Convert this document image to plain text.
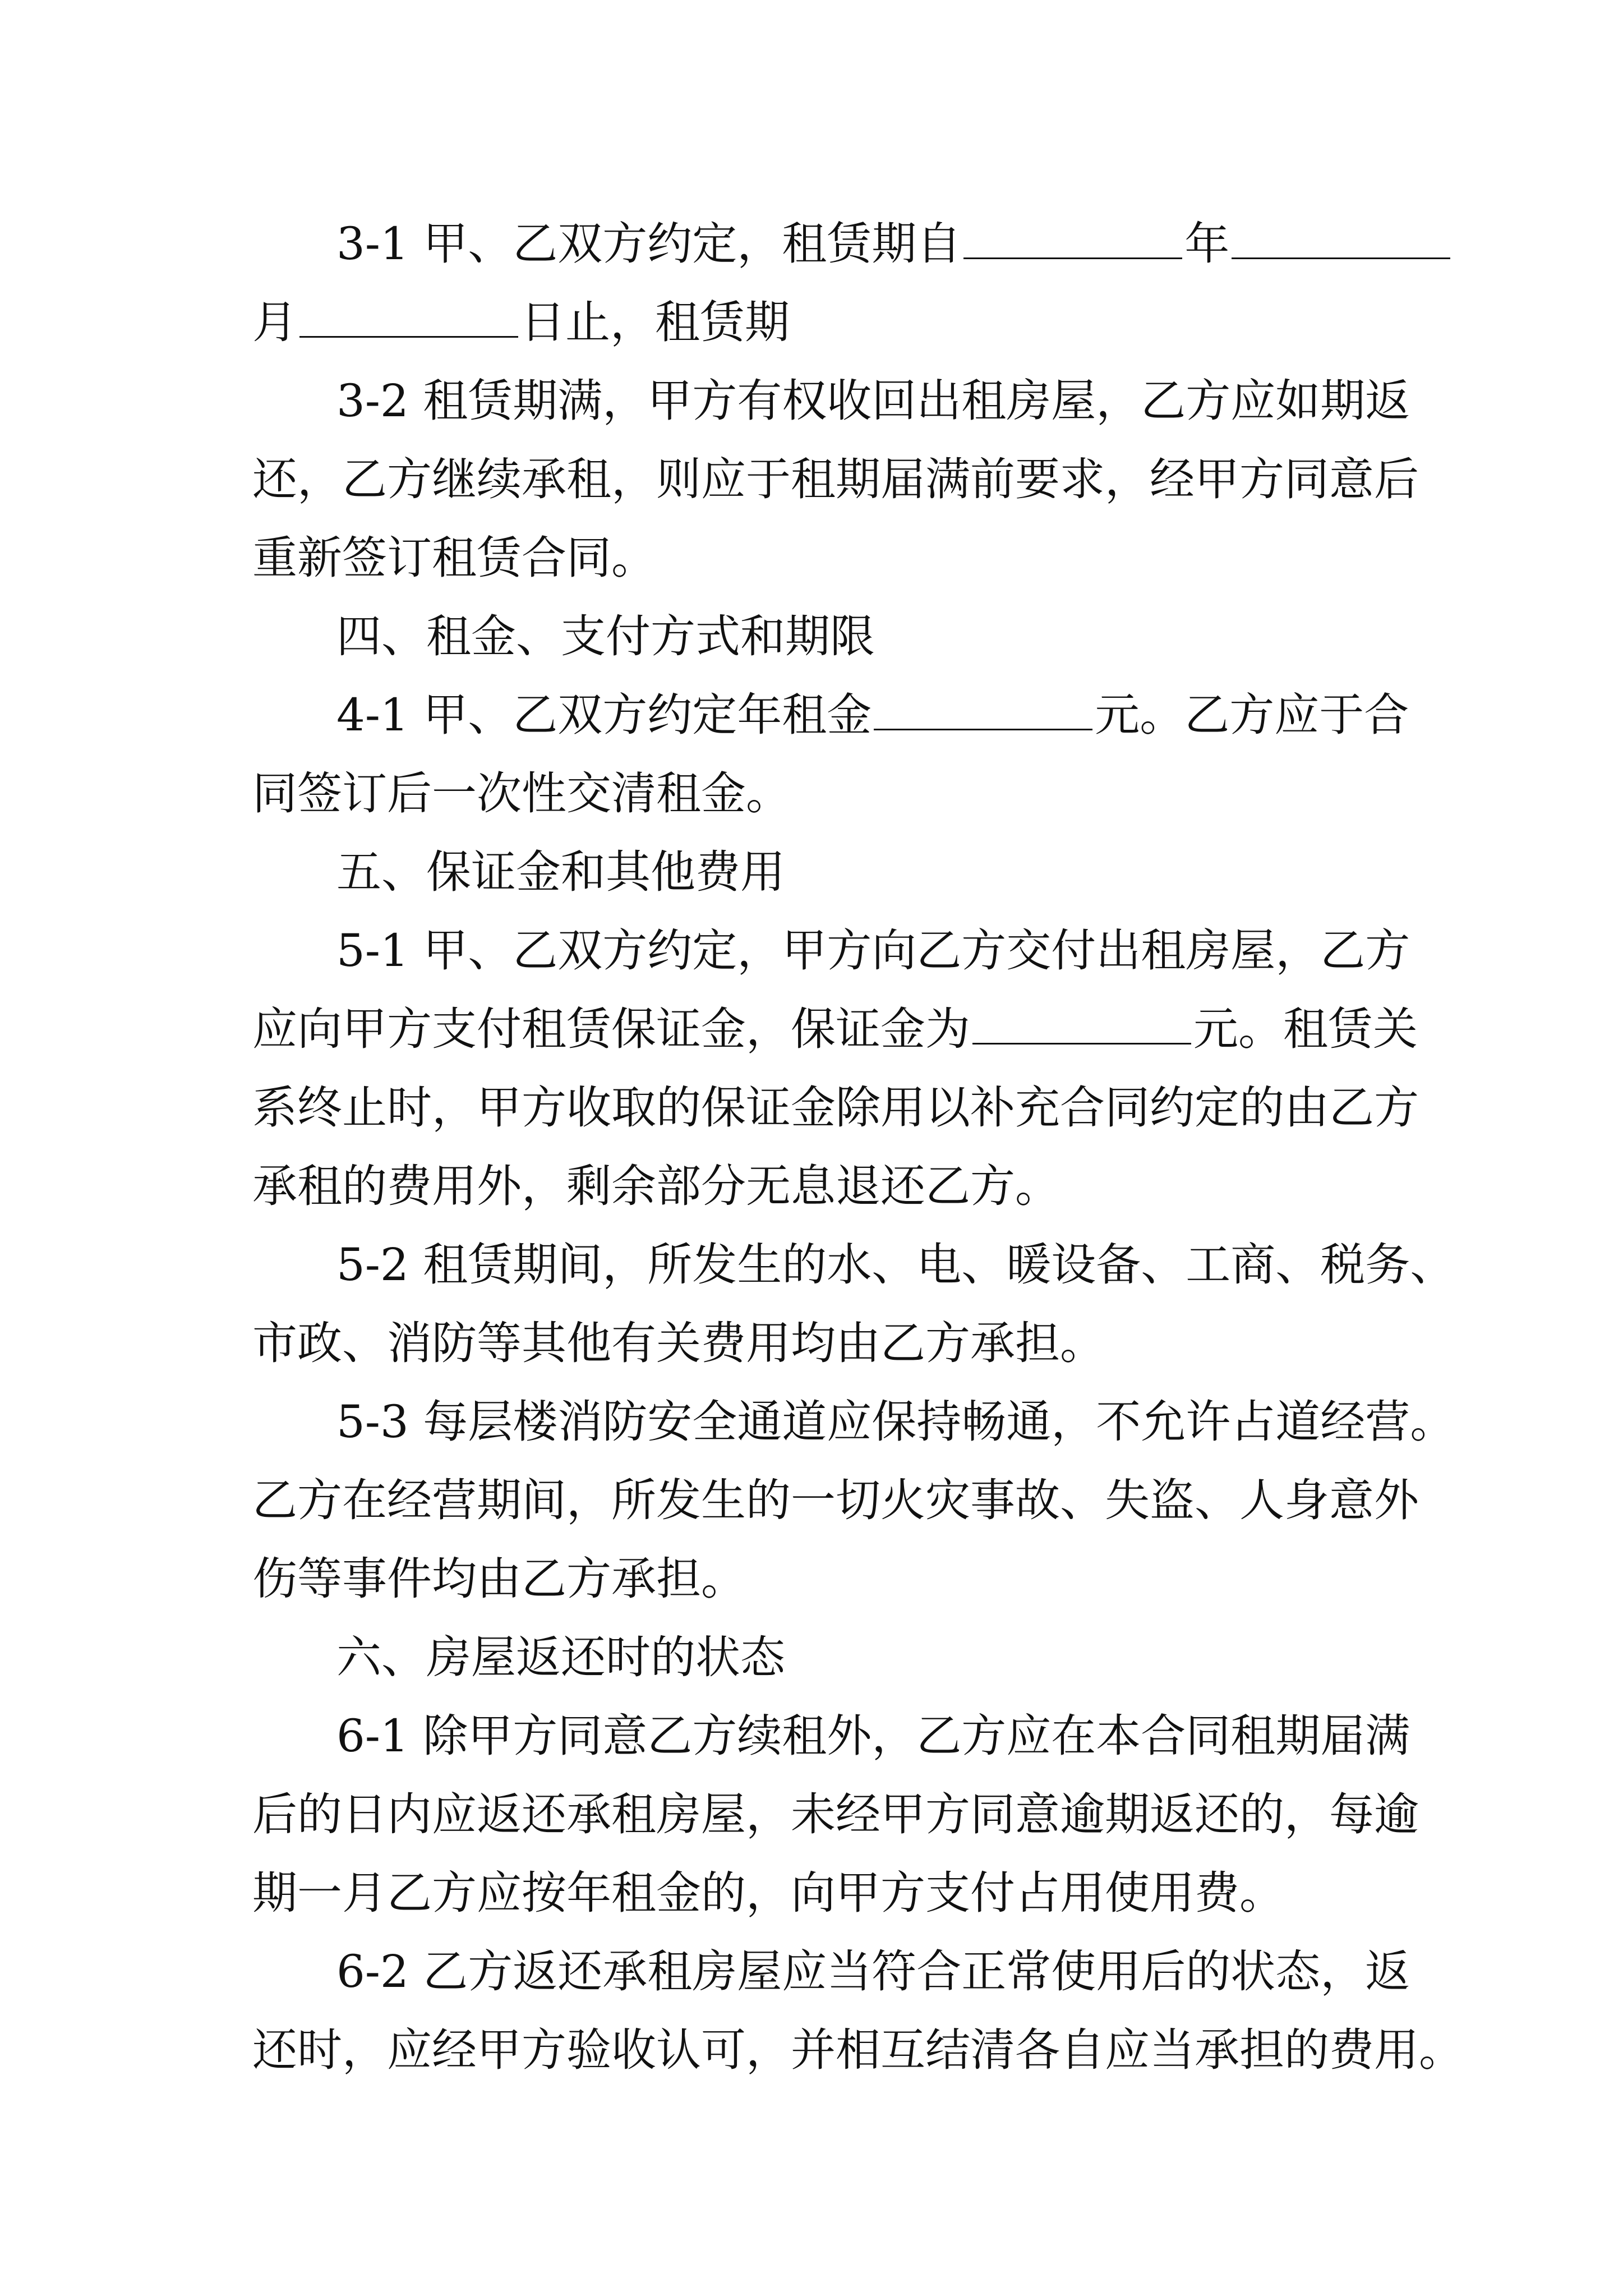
3-1 甲、乙双方约定，租赁期自	年
月	日止，租赁期
3-2 租赁期满，甲方有权收回出租房屋，乙方应如期返
还，乙方继续承租，则应于租期届满前要求，经甲方同意后
重新签订租赁合同。
四、租金、支付方式和期限
4-1 甲、乙双方约定年租金	元。乙方应于合
同签订后一次性交清租金。
五、保证金和其他费用
5-1 甲、乙双方约定，甲方向乙方交付出租房屋，乙方
应向甲方支付租赁保证金，保证金为	元。租赁关
系终止时，甲方收取的保证金除用以补充合同约定的由乙方
承租的费用外，剩余部分无息退还乙方。
5-2 租赁期间，所发生的水、电、暖设备、工商、税务、
市政、消防等其他有关费用均由乙方承担。
5-3 每层楼消防安全通道应保持畅通，不允许占道经营。
乙方在经营期间，所发生的一切火灾事故、失盗、人身意外
伤等事件均由乙方承担。
六、房屋返还时的状态
6-1 除甲方同意乙方续租外，乙方应在本合同租期届满
后的日内应返还承租房屋，未经甲方同意逾期返还的，每逾
期一月乙方应按年租金的，向甲方支付占用使用费。
6-2 乙方返还承租房屋应当符合正常使用后的状态，返
还时，应经甲方验收认可，并相互结清各自应当承担的费用。
